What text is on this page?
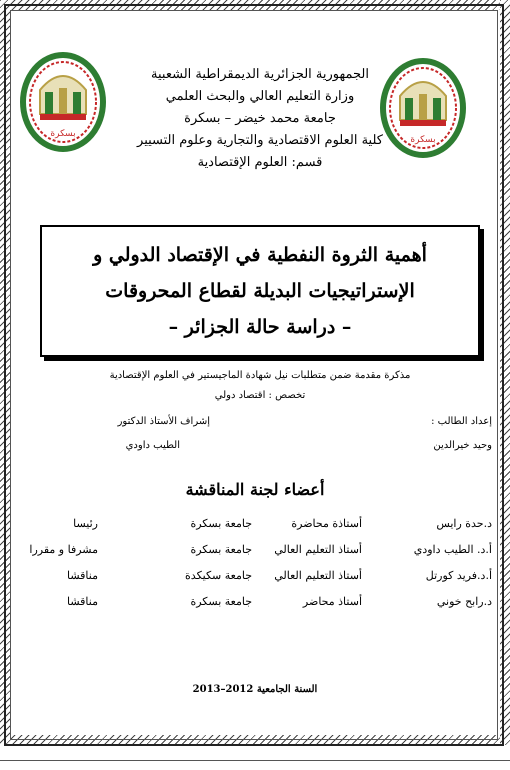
بسكرة
بسكرة
الجمهورية الجزائرية الديمقراطية الشعبية
وزارة التعليم العالي والبحث العلمي
جامعة محمد خيضر – بسكرة
كلية العلوم الاقتصادية والتجارية وعلوم التسيير
قسم: العلوم الإقتصادية
أهمية الثروة النفطية في الإقتصاد الدولي و
الإستراتيجيات البديلة لقطاع المحروقات
– دراسة حالة الجزائر –
مذكرة مقدمة ضمن متطلبات نيل شهادة الماجيستير في العلوم الإقتصادية
تخصص : اقتصاد دولي
إعداد الطالب :
إشراف الأستاذ الدكتور
وحيد خيرالدين
الطيب داودي
أعضاء لجنة المناقشة
د.حدة رايس
أستاذة محاضرة
جامعة بسكرة
رئيسا
أ.د. الطيب داودي
أستاذ التعليم العالي
جامعة بسكرة
مشرفا و مقررا
أ.د.فريد كورتل
أستاذ التعليم العالي
جامعة سكيكدة
مناقشا
د.رابح خوني
أستاذ محاضر
جامعة بسكرة
مناقشا
السنة الجامعية 2012–2013
